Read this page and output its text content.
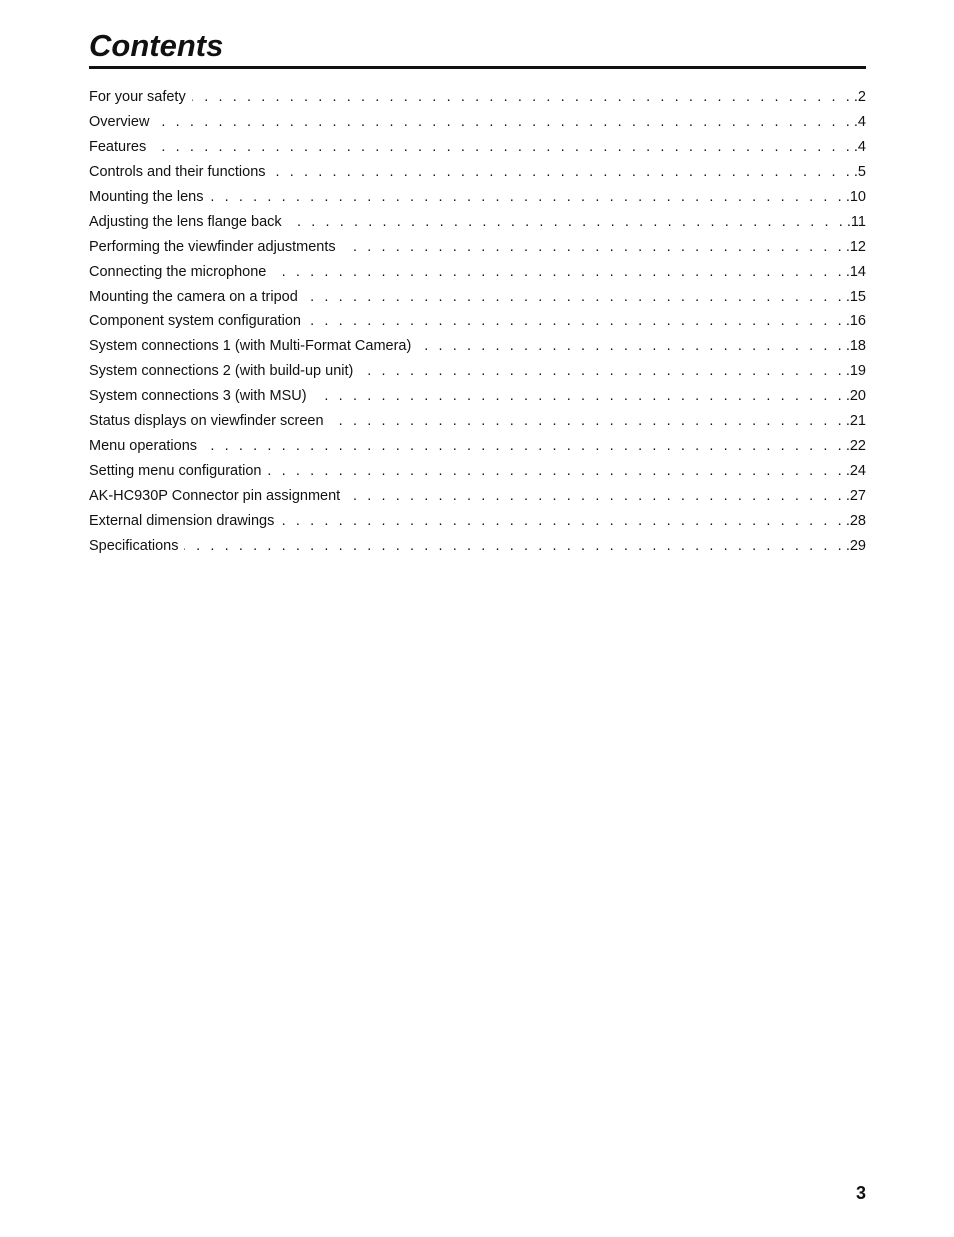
Contents
For your safety . . .	.2
Overview . . .	.4
Features . . .	.4
Controls and their functions . . .	.5
Mounting the lens . . .	.10
Adjusting the lens flange back . . .	.11
Performing the viewfinder adjustments . . .	.12
Connecting the microphone . . .	.14
Mounting the camera on a tripod . . .	.15
Component system configuration . . .	.16
System connections 1 (with Multi-Format Camera) . . .	.18
System connections 2 (with build-up unit) . . .	.19
System connections 3 (with MSU) . . .	.20
Status displays on viewfinder screen . . .	.21
Menu operations . . .	.22
Setting menu configuration . . .	.24
AK-HC930P Connector pin assignment . . .	.27
External dimension drawings . . .	.28
Specifications . . .	.29
3
